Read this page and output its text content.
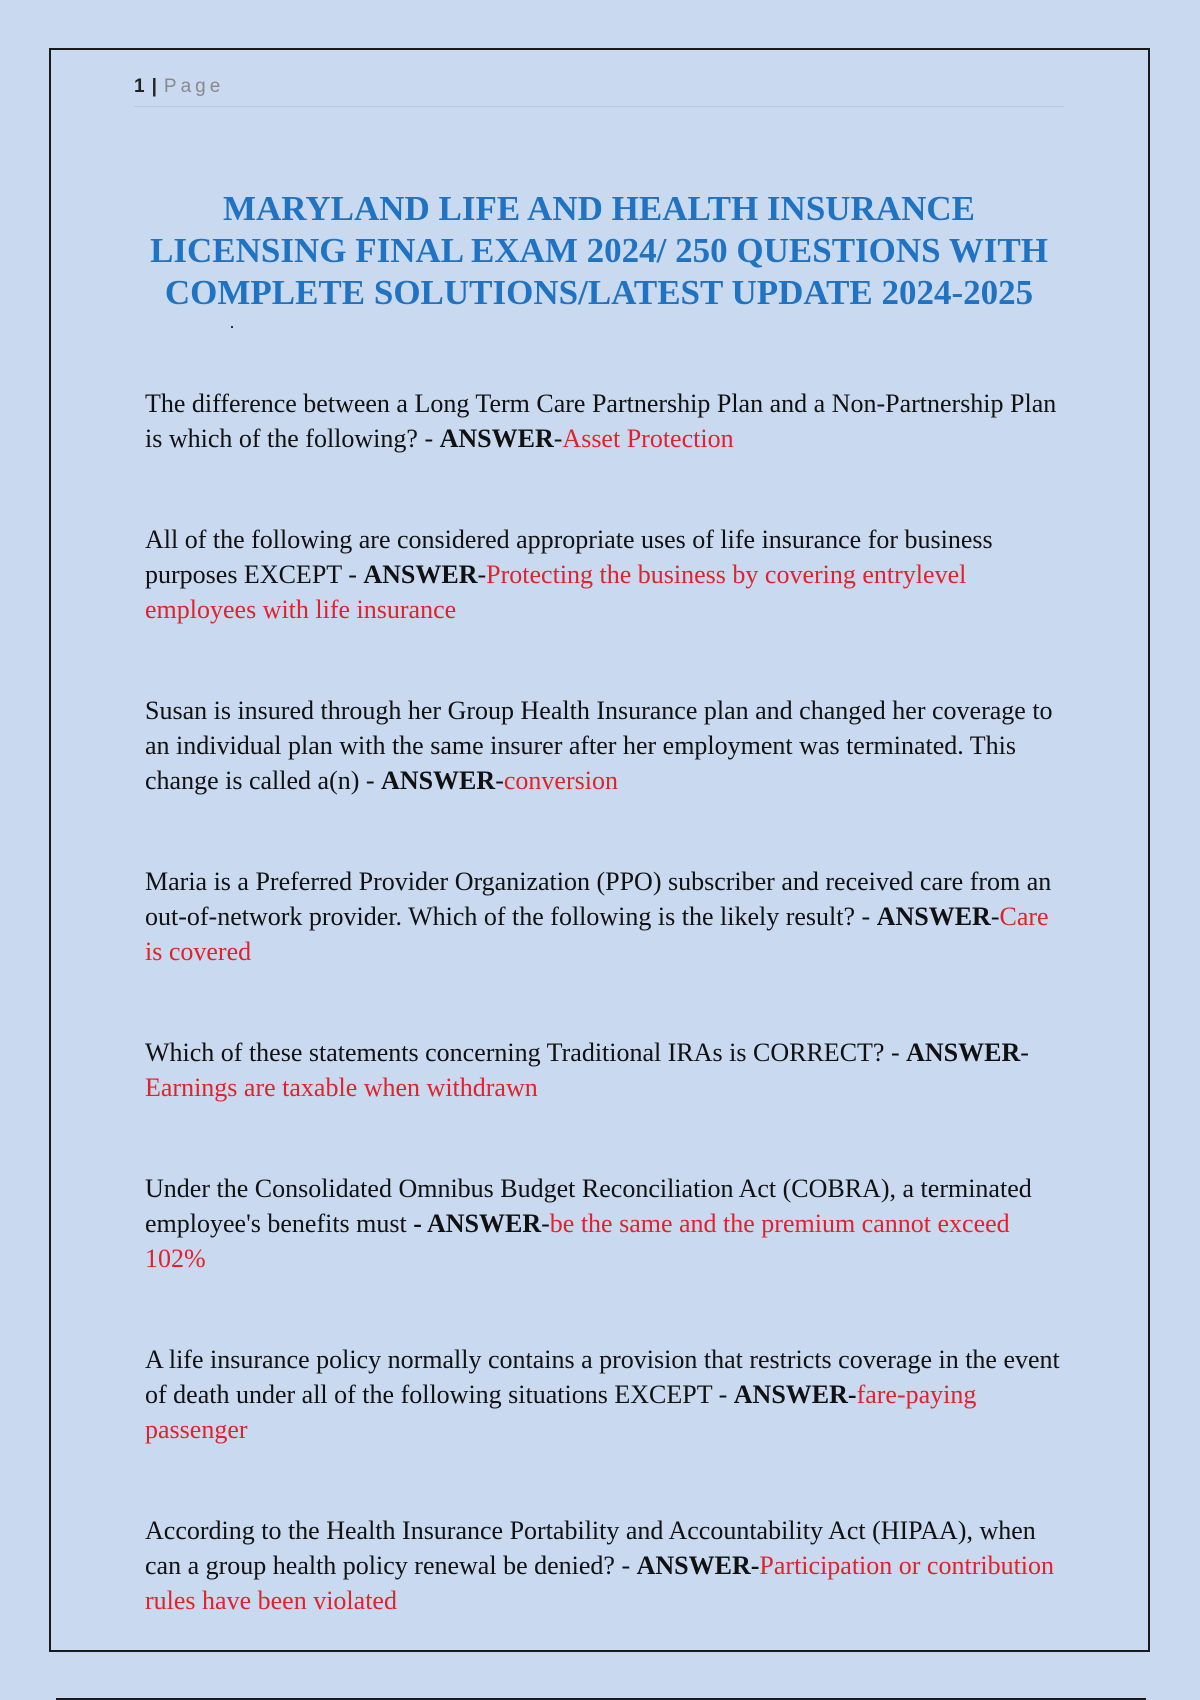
1 | Page
MARYLAND LIFE AND HEALTH INSURANCE LICENSING FINAL EXAM 2024/ 250 QUESTIONS WITH COMPLETE SOLUTIONS/LATEST UPDATE 2024-2025

The difference between a Long Term Care Partnership Plan and a Non-Partnership Plan is which of the following? - ANSWER-Asset Protection

All of the following are considered appropriate uses of life insurance for business purposes EXCEPT - ANSWER-Protecting the business by covering entrylevel employees with life insurance

Susan is insured through her Group Health Insurance plan and changed her coverage to an individual plan with the same insurer after her employment was terminated. This change is called a(n) - ANSWER-conversion

Maria is a Preferred Provider Organization (PPO) subscriber and received care from an out-of-network provider. Which of the following is the likely result? - ANSWER-Care is covered

Which of these statements concerning Traditional IRAs is CORRECT? - ANSWER-Earnings are taxable when withdrawn

Under the Consolidated Omnibus Budget Reconciliation Act (COBRA), a terminated employee's benefits must - ANSWER-be the same and the premium cannot exceed 102%

A life insurance policy normally contains a provision that restricts coverage in the event of death under all of the following situations EXCEPT - ANSWER-fare-paying passenger

According to the Health Insurance Portability and Accountability Act (HIPAA), when can a group health policy renewal be denied? - ANSWER-Participation or contribution rules have been violated
